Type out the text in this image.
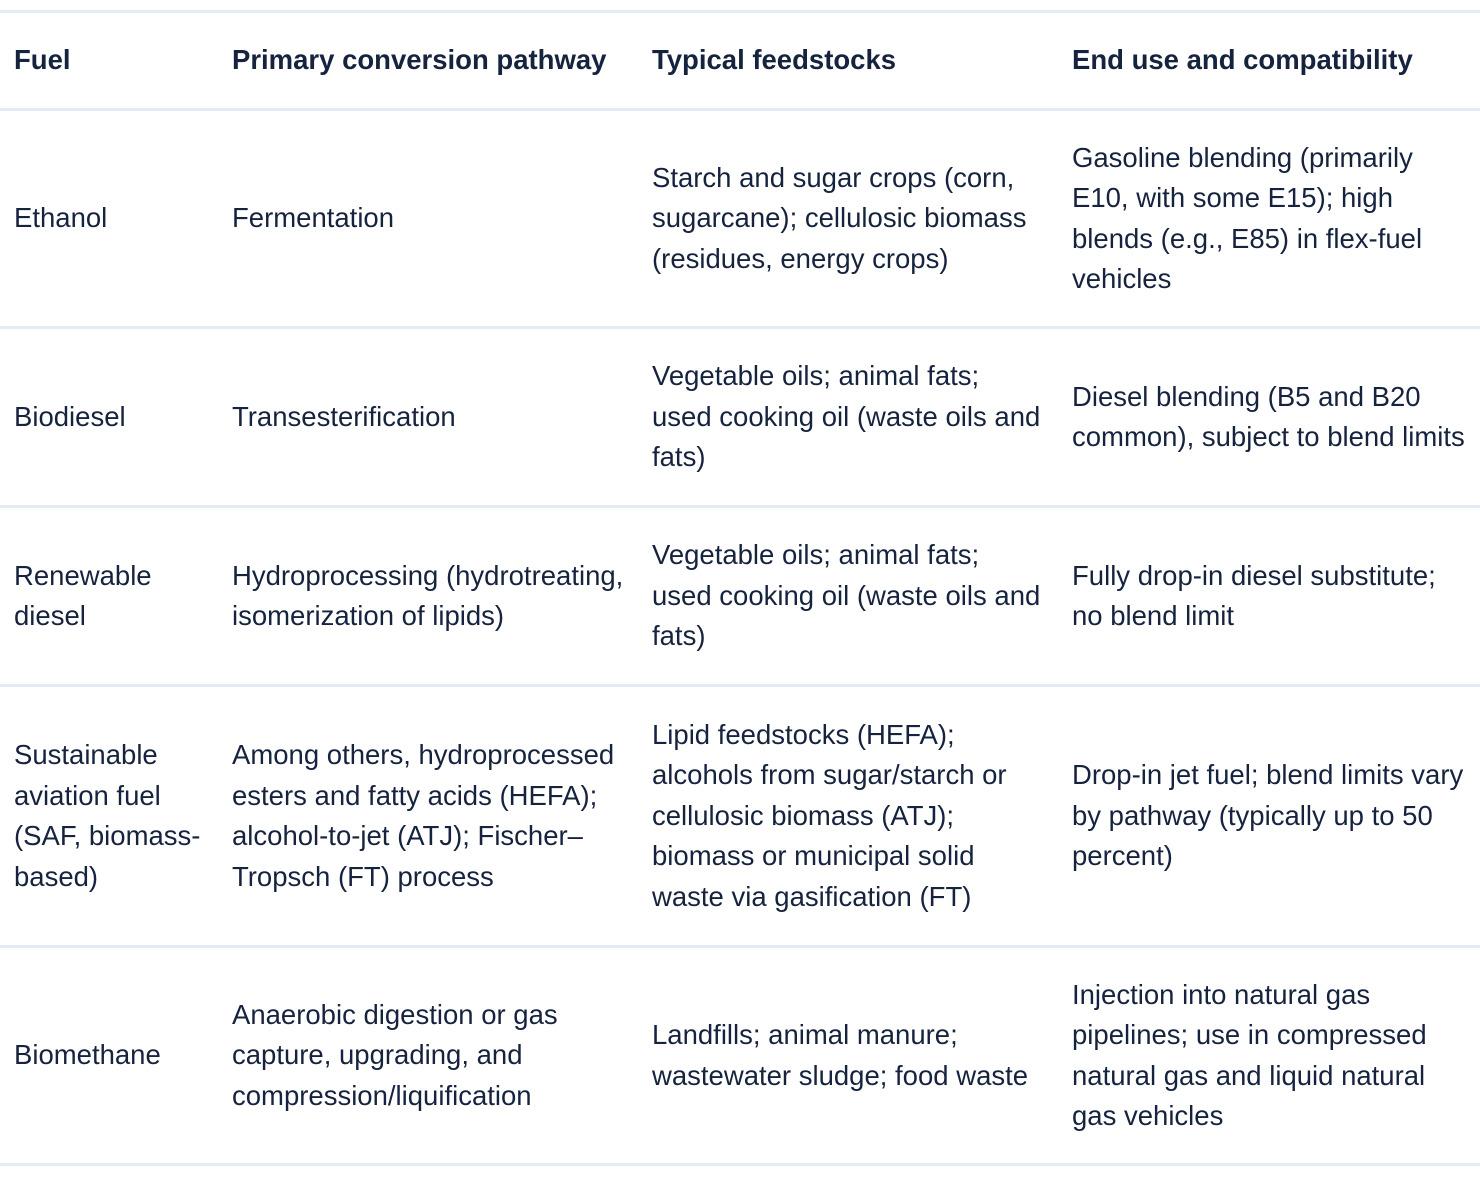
Fuel	Primary conversion pathway	Typical feedstocks	End use and compatibility
Ethanol	Fermentation	Starch and sugar crops (corn, sugarcane); cellulosic biomass (residues, energy crops)	Gasoline blending (primarily E10, with some E15); high blends (e.g., E85) in flex-fuel vehicles
Biodiesel	Transesterification	Vegetable oils; animal fats; used cooking oil (waste oils and fats)	Diesel blending (B5 and B20 common), subject to blend limits
Renewable diesel	Hydroprocessing (hydrotreating, isomerization of lipids)	Vegetable oils; animal fats; used cooking oil (waste oils and fats)	Fully drop-in diesel substitute; no blend limit
Sustainable aviation fuel (SAF, biomass-based)	Among others, hydroprocessed esters and fatty acids (HEFA); alcohol-to-jet (ATJ); Fischer–Tropsch (FT) process	Lipid feedstocks (HEFA); alcohols from sugar/starch or cellulosic biomass (ATJ); biomass or municipal solid waste via gasification (FT)	Drop-in jet fuel; blend limits vary by pathway (typically up to 50 percent)
Biomethane	Anaerobic digestion or gas capture, upgrading, and compression/liquification	Landfills; animal manure; wastewater sludge; food waste	Injection into natural gas pipelines; use in compressed natural gas and liquid natural gas vehicles
